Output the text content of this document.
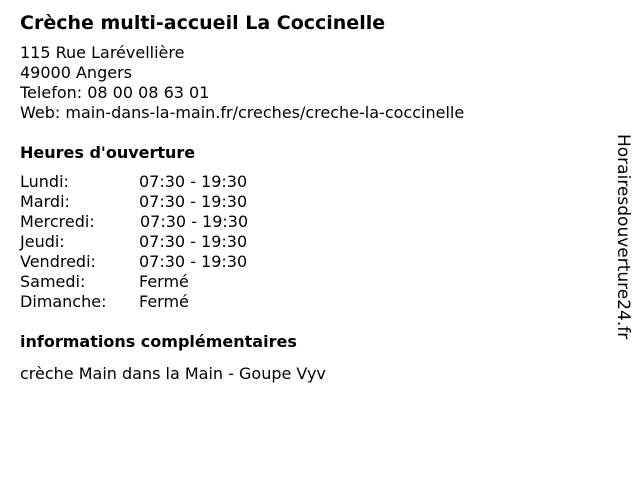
Crèche multi-accueil La Coccinelle
115 Rue Larévellière
49000 Angers
Telefon: 08 00 08 63 01
Web: main-dans-la-main.fr/creches/creche-la-coccinelle
Heures d'ouverture
Lundi:	07:30 - 19:30
Mardi:	07:30 - 19:30
Mercredi:	07:30 - 19:30
Jeudi:	07:30 - 19:30
Vendredi:	07:30 - 19:30
Samedi:	Fermé
Dimanche:	Fermé
informations complémentaires
crèche Main dans la Main - Goupe Vyv
Horairesdouverture24.fr
